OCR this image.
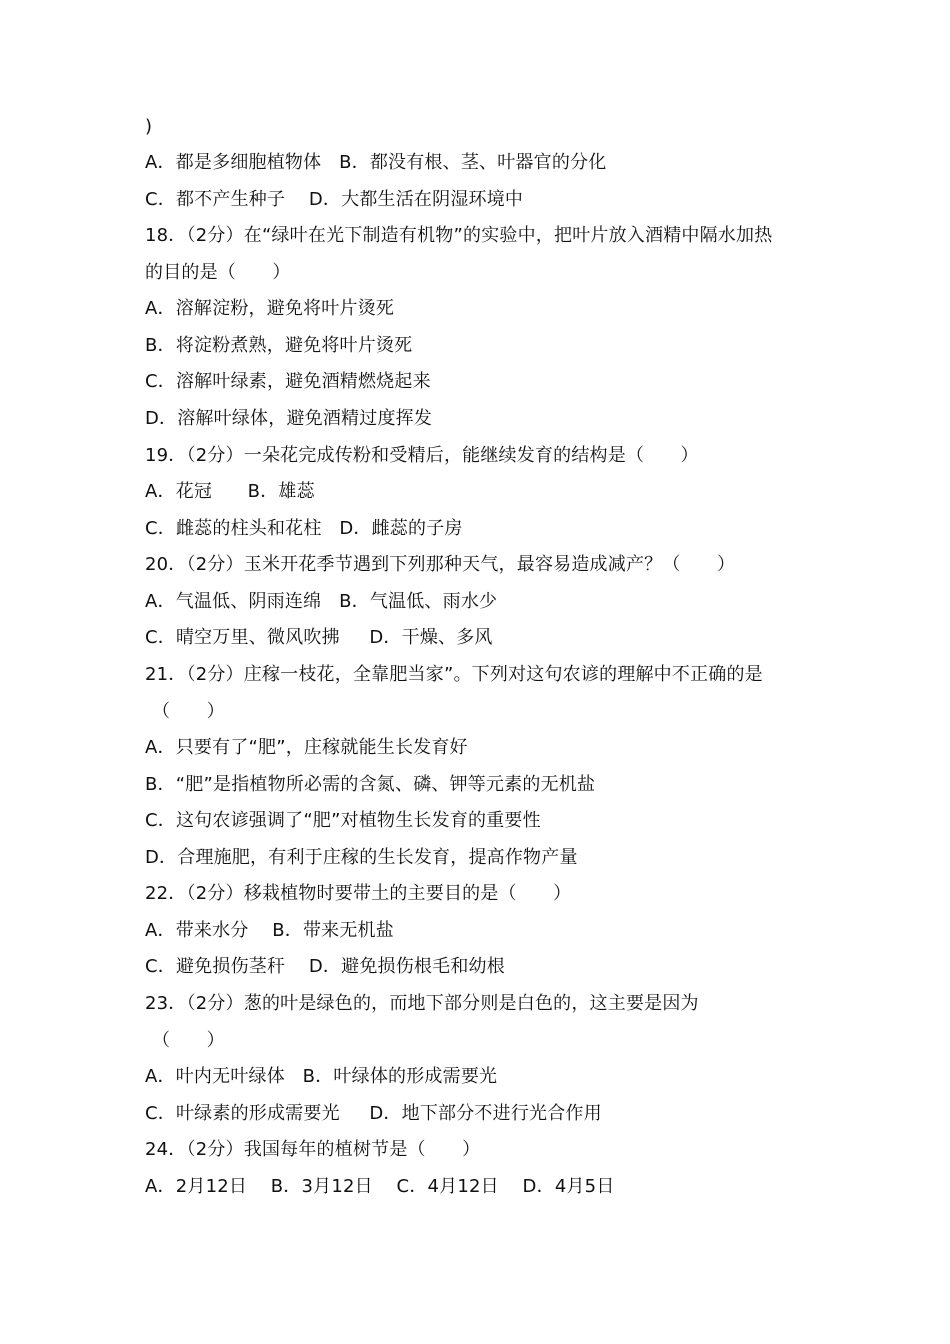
)
A．都是多细胞植物体   B．都没有根、茎、叶器官的分化
C．都不产生种子    D．大都生活在阴湿环境中
18．（2分）在“绿叶在光下制造有机物”的实验中，把叶片放入酒精中隔水加热
的目的是（　　）
A．溶解淀粉，避免将叶片烫死
B．将淀粉煮熟，避免将叶片烫死
C．溶解叶绿素，避免酒精燃烧起来
D．溶解叶绿体，避免酒精过度挥发
19．（2分）一朵花完成传粉和受精后，能继续发育的结构是（　　）
A．花冠      B．雄蕊
C．雌蕊的柱头和花柱   D．雌蕊的子房
20．（2分）玉米开花季节遇到下列那种天气，最容易造成减产？（　　）
A．气温低、阴雨连绵   B．气温低、雨水少
C．晴空万里、微风吹拂     D．干燥、多风
21．（2分）庄稼一枝花，全靠肥当家”。下列对这句农谚的理解中不正确的是
（　　）
A．只要有了“肥”，庄稼就能生长发育好
B．“肥”是指植物所必需的含氮、磷、钾等元素的无机盐
C．这句农谚强调了“肥”对植物生长发育的重要性
D．合理施肥，有利于庄稼的生长发育，提高作物产量
22．（2分）移栽植物时要带土的主要目的是（　　）
A．带来水分    B．带来无机盐
C．避免损伤茎秆    D．避免损伤根毛和幼根
23．（2分）葱的叶是绿色的，而地下部分则是白色的，这主要是因为
（　　）
A．叶内无叶绿体   B．叶绿体的形成需要光
C．叶绿素的形成需要光     D．地下部分不进行光合作用
24．（2分）我国每年的植树节是（　　）
A．2月12日    B．3月12日    C．4月12日    D．4月5日
